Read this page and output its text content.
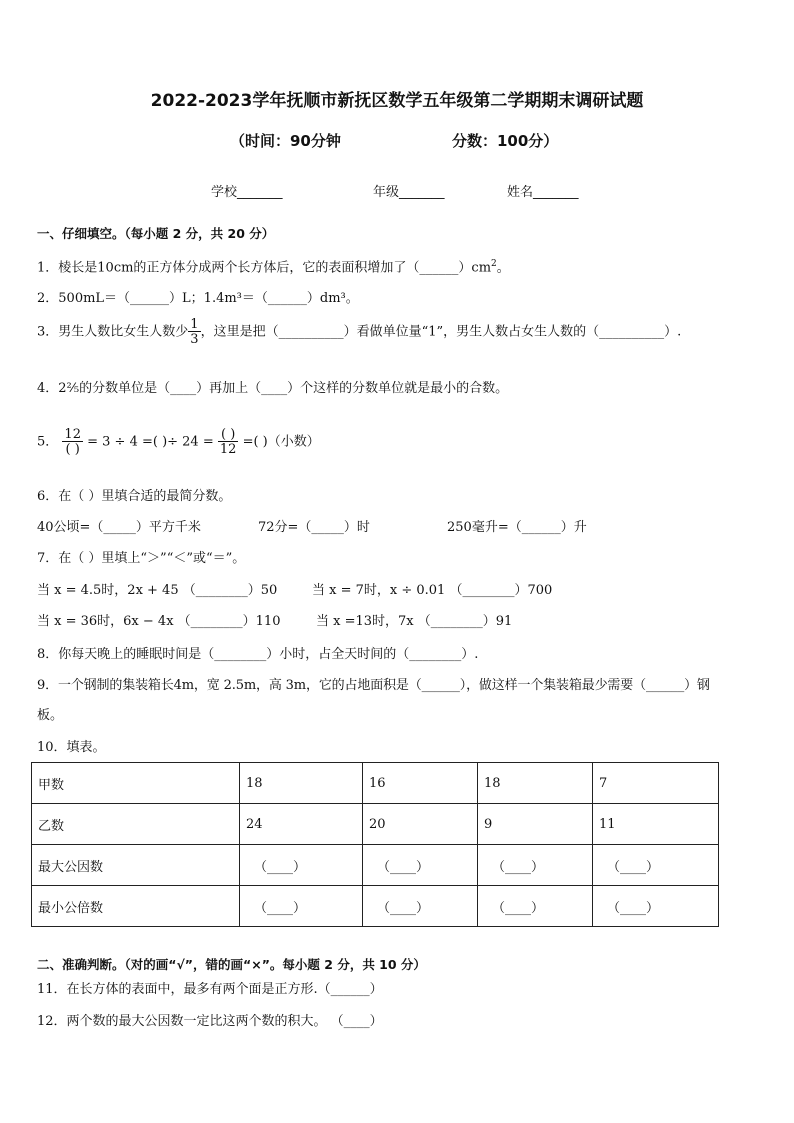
2022-2023学年抚顺市新抚区数学五年级第二学期期末调研试题
（时间：90分钟	分数：100分）
学校_______	年级_______	姓名_______
一、仔细填空。（每小题 2 分，共 20 分）
1．棱长是10cm的正方体分成两个长方体后，它的表面积增加了$(\_\_\_\_\_\_)cm^2$。
2．500mL＝（______）L；1.4m³＝（______）dm³。
3．男生人数比女生人数少 $\frac{1}{3}$ ，这里是把（__________）看做单位量“1”，男生人数占女生人数的（__________）.
4．2⅖的分数单位是（____）再加上（____）个这样的分数单位就是最小的合数。
5． $\frac{12}{( )} = 3 \div 4$ =( )÷ $24 = \frac{( )}{12}$ =( )（小数）
6．在（ ）里填合适的最简分数。
40公顷=（_____）平方千米	72分=（_____）时	250毫升=（______）升
7．在（ ）里填上“＞”“＜”或“＝”。
当 x = 4.5时，2x + 45 （________）50	当 x = 7时，x ÷ 0.01 （________）700
当 x = 36时，6x − 4x （________）110	当 x =13时，7x （________）91
8．你每天晚上的睡眠时间是（________）小时，占全天时间的（________）.
9．一个钢制的集装箱长4m，宽 2.5m，高 3m，它的占地面积是（______），做这样一个集装箱最少需要（______）钢
板。
10．填表。
甲数	18	16	18	7
乙数	24	20	9	11
最大公因数	（____）	（____）	（____）	（____）
最小公倍数	（____）	（____）	（____）	（____）
二、准确判断。（对的画“√”，错的画“×”。每小题 2 分，共 10 分）
11．在长方体的表面中，最多有两个面是正方形.（______）
12．两个数的最大公因数一定比这两个数的积大。 （____）
